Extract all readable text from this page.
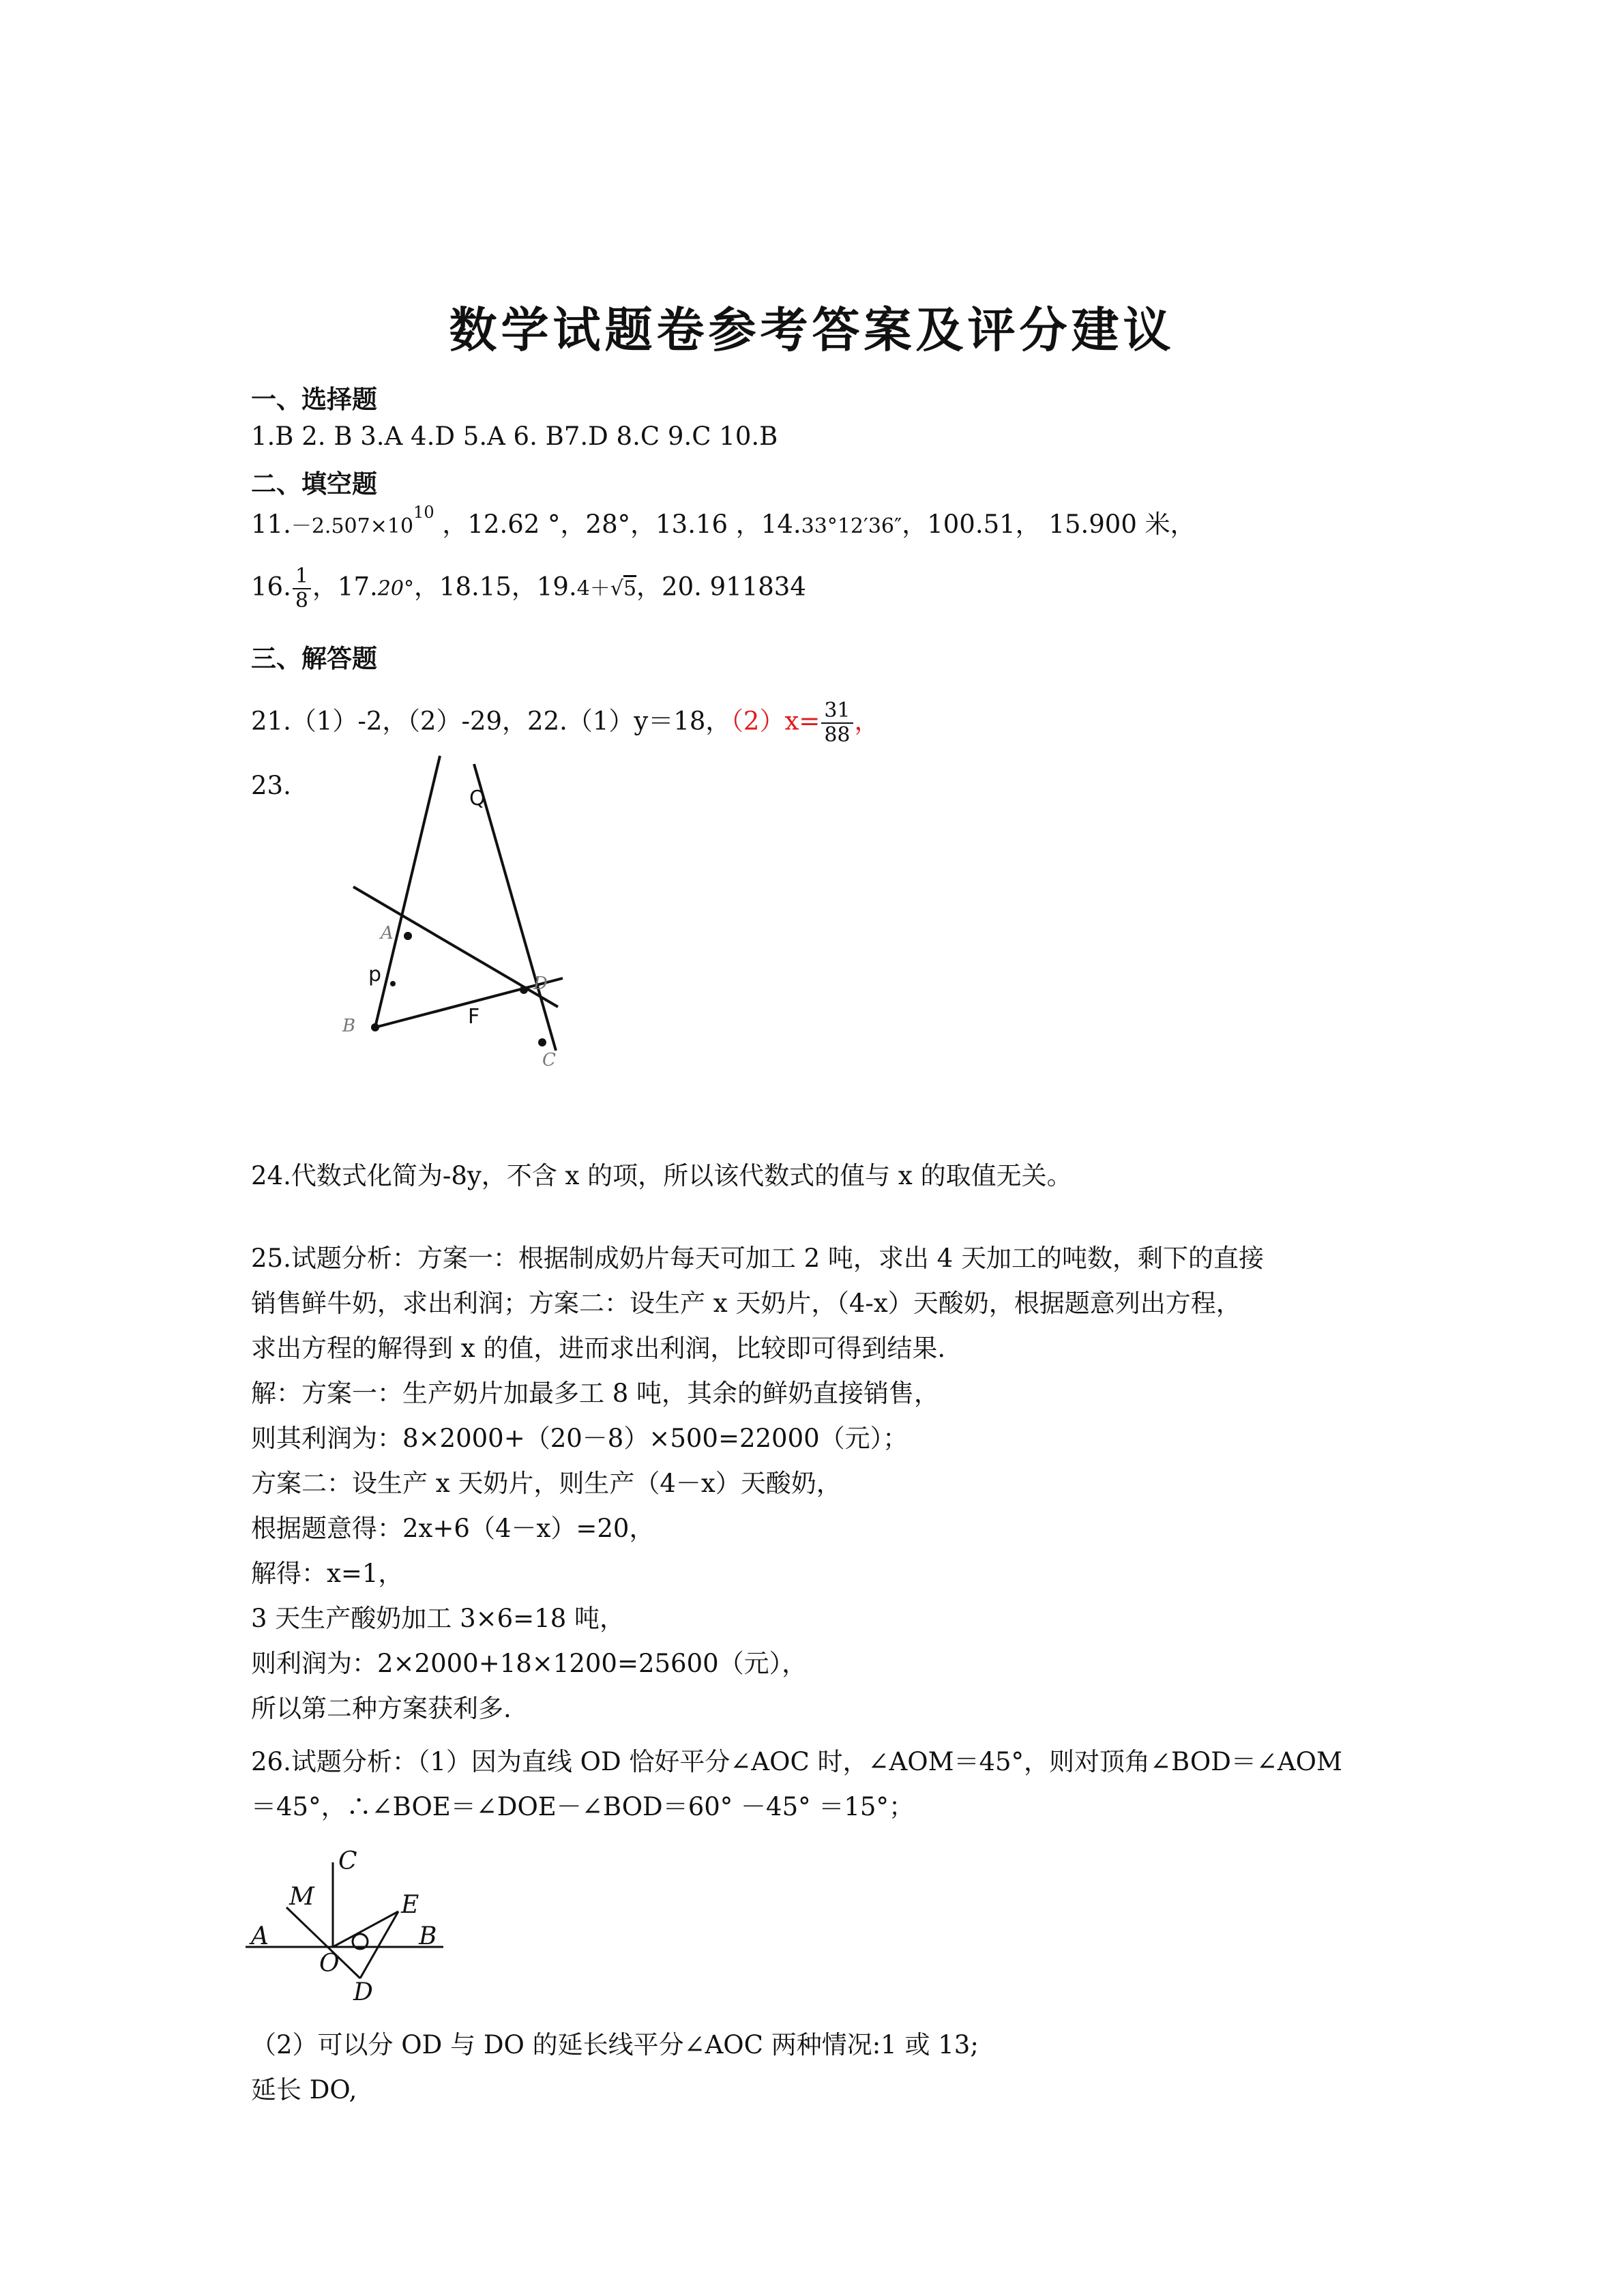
数学试题卷参考答案及评分建议
一、选择题
1.B 2. B 3.A 4.D 5.A 6. B7.D 8.C 9.C 10.B
二、填空题
$11.-2.507\times 10^{10}$ ，12.62 °，28°，13.16 ，14.33°12′36″，100.51， 15.900 米，
16. $\frac{1}{8}$ ，17.20°，18.15，19.4＋√5，20. 911834
三、解答题
21.（1）-2，（2）-29，22.（1）y＝18，$(2)x= \frac{31}{88}$ ，
23.	Q
A
p	D
B	F
C
24.代数式化简为-8y，不含 x 的项，所以该代数式的值与 x 的取值无关。
25.试题分析：方案一：根据制成奶片每天可加工 2 吨，求出 4 天加工的吨数，剩下的直接
销售鲜牛奶，求出利润；方案二：设生产 x 天奶片，（4-x）天酸奶，根据题意列出方程，
求出方程的解得到 x 的值，进而求出利润，比较即可得到结果.
解：方案一：生产奶片加最多工 8 吨，其余的鲜奶直接销售，
则其利润为：8×2000+（20－8）×500=22000（元）；
方案二：设生产 x 天奶片，则生产（4－x）天酸奶，
根据题意得：2x+6（4－x）=20，
解得：x=1，
3 天生产酸奶加工 3×6=18 吨，
则利润为：2×2000+18×1200=25600（元），
所以第二种方案获利多.
26.试题分析：（1）因为直线 OD 恰好平分∠AOC 时，∠AOM＝45°，则对顶角∠BOD＝∠AOM
＝45°，∴∠BOE＝∠DOE－∠BOD＝60° －45° ＝15°；
C
M	E
A	B
O
D
（2）可以分 OD 与 DO 的延长线平分∠AOC 两种情况:1 或 13;
延长 DO,
